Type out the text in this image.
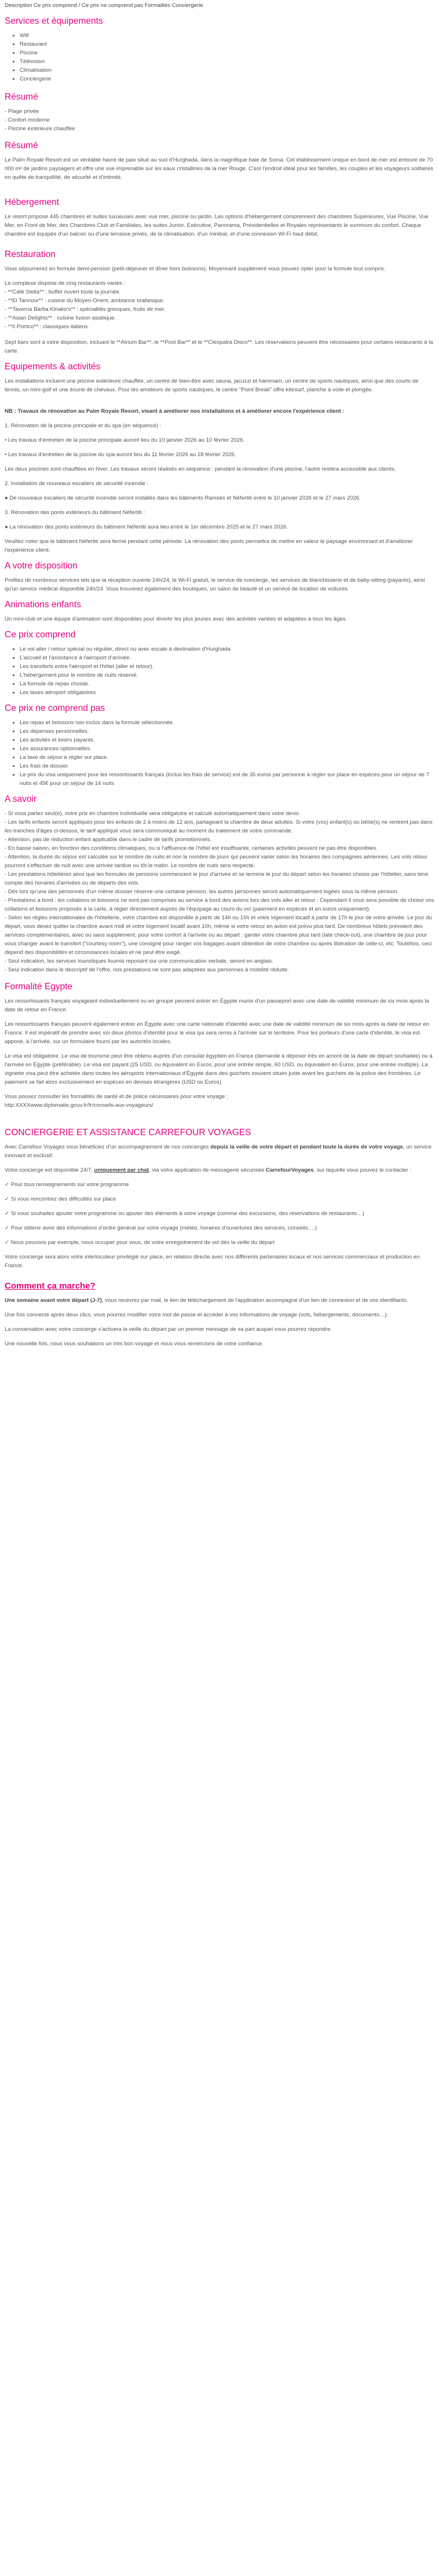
Description Ce prix comprend / Ce prix ne comprend pas Formalités Conciergerie
Services et équipements
• Wifi
• Restaurant
• Piscine
• Télévision
• Climatisation
• Conciergerie
Résumé
- Plage privée
- Confort moderne
- Piscine extérieure chauffée
Résumé

Le Palm Royale Resort est un véritable havre de paix situé au sud d'Hurghada, dans la magnifique baie de Soma. Cet établissement unique en bord de mer est entouré de 70 000 m² de jardins paysagers et offre une vue imprenable sur les eaux cristallines de la mer Rouge. C'est l'endroit idéal pour les familles, les couples et les voyageurs solitaires en quête de tranquillité, de sécurité et d'intimité.

Hébergement

Le resort propose 445 chambres et suites luxueuses avec vue mer, piscine ou jardin. Les options d'hébergement comprennent des chambres Supérieures, Vue Piscine, Vue Mer, en Front de Mer, des Chambres Club et Familiales, les suites Junior, Exécutive, Panorama, Présidentielles et Royales représentants le summum du confort. Chaque chambre est équipée d'un balcon ou d'une terrasse privés, de la climatisation, d'un minibar, et d'une connexion Wi-Fi haut débit.

Restauration

Vous séjournerez en formule demi-pension (petit-déjeuner et dîner hors boissons). Moyennant supplément vous pouvez opter pour la formule tout compris.

Le complexe dispose de cinq restaurants variés :
- **Café Stella** : buffet ouvert toute la journée.
- **El Tannour** : cuisine du Moyen-Orient, ambiance orabesque.
- **Taverna Barba Kiriako's** : spécialités grecques, fruits de mer.
- **Asian Delights** : cuisine fusion asiatique.
- **Il Portico** : classiques italiens.

Sept bars sont à votre disposition, incluant le **Atrium Bar**, le **Pool Bar** et le **Cleopatra Disco**. Les réservations peuvent être nécessaires pour certains restaurants à la carte.

Equipements & activités

Les installations incluent une piscine extérieure chauffée, un centre de bien-être avec sauna, jacuzzi et hammam, un centre de sports nautiques, ainsi que des courts de tennis, un mini-golf et une écurie de chevaux. Pour les amateurs de sports nautiques, le centre "Point Break" offre kitesurf, planche à voile et plongée.

NB : Travaux de rénovation au Palm Royale Resort, visant à améliorer nos installations et à améliorer encore l'expérience client :

1. Rénovation de la piscine principale et du spa (en séquence) :

• Les travaux d'entretien de la piscine principale auront lieu du 10 janvier 2026 au 10 février 2026.

• Les travaux d'entretien de la piscine du spa auront lieu du 11 février 2026 au 28 février 2026.

Les deux piscines sont chauffées en hiver. Les travaux seront réalisés en séquence : pendant la rénovation d'une piscine, l'autre restera accessible aux clients.

2. Installation de nouveaux escaliers de sécurité incendie :

● De nouveaux escaliers de sécurité incendie seront installés dans les bâtiments Ramsès et Néfertiti entre le 10 janvier 2026 et le 27 mars 2026.

3. Rénovation des ponts extérieurs du bâtiment Néfertiti :

● La rénovation des ponts extérieurs du bâtiment Néfertiti aura lieu entre le 1er décembre 2025 et le 27 mars 2026.

Veuillez noter que le bâtiment Néfertiti sera fermé pendant cette période. La rénovation des ponts permettra de mettre en valeur le paysage environnant et d'améliorer l'expérience client.

A votre disposition

Profitez de nombreux services tels que la réception ouverte 24h/24, le Wi-Fi gratuit, le service de concierge, les services de blanchisserie et de baby-sitting (payants), ainsi qu'un service médical disponible 24h/24. Vous trouverez également des boutiques, un salon de beauté et un service de location de voitures.

Animations enfants

Un mini-club et une équipe d'animation sont disponibles pour divertir les plus jeunes avec des activités variées et adaptées à tous les âges.

Ce prix comprend
• Le vol aller / retour spécial ou régulier, direct ou avec escale à destination d'Hurghada
• L'accueil et l'assistance à l'aéroport d'arrivée.
• Les transferts entre l'aéroport et l'hôtel (aller et retour).
• L'hébergement pour le nombre de nuits réservé.
• La formule de repas choisie.
• Les taxes aéroport obligatoires
Ce prix ne comprend pas
• Les repas et boissons non inclus dans la formule sélectionnée.
• Les dépenses personnelles.
• Les activités et loisirs payants.
• Les assurances optionnelles.
• La taxe de séjour à régler sur place.
• Les frais de dossier.
• Le prix du visa uniquement pour les ressortissants français (inclus les frais de service) est de 35 euros par personne à régler sur place en espèces pour un séjour de 7 nuits et 45€ pour un séjour de 14 nuits
A savoir
- Si vous partez seul(e), votre prix en chambre individuelle sera obligatoire et calculé automatiquement dans votre devis.
- Les tarifs enfants seront appliqués pour les enfants de 2 à moins de 12 ans, partageant la chambre de deux adultes. Si votre (vos) enfant(s) ou bébé(s) ne rentrent pas dans les tranches d'âges ci-dessus, le tarif appliqué vous sera communiqué au moment du traitement de votre commande.
- Attention, pas de réduction enfant applicable dans le cadre de tarifs promotionnels.
- En basse saison, en fonction des conditions climatiques, ou si l'affluence de l'hôtel est insuffisante, certaines activités peuvent ne pas être disponibles.
- Attention, la durée du séjour est calculée sur le nombre de nuits et non le nombre de jours qui peuvent varier selon les horaires des compagnies aériennes. Les vols retour pourront s'effectuer de nuit avec une arrivée tardive ou tôt le matin. Le nombre de nuits sera respecté.
- Les prestations hôtelières ainsi que les formules de pensions commencent le jour d'arrivée et se termine le jour du départ selon les horaires choisis par l'hôtelier, sans tenir compte des horaires d'arrivées ou de départs des vols.
- Dès lors qu'une des personnes d'un même dossier réserve une certaine pension, les autres personnes seront automatiquement logées sous la même pension.
- Prestations à bord : les collations et boissons ne sont pas comprises au service à bord des avions lors des vols aller et retour ; Cependant il vous sera possible de choisir vos collations et boissons proposés à la carte, à régler directement auprès de l'équipage au cours du vol (paiement en espèces et en euros uniquement).
- Selon les règles internationales de l'hôtellerie, votre chambre est disponible à partir de 14h ou 15h et votre logement locatif à partir de 17h le jour de votre arrivée. Le jour du départ, vous devez quitter la chambre avant midi et votre logement locatif avant 10h, même si votre retour en avion est prévu plus tard. De nombreux hôtels prévoient des services complémentaires, avec ou sans supplément, pour votre confort à l'arrivée ou au départ : garder votre chambre plus tard (late check-out), une chambre de jour pour vous changer avant le transfert ("courtesy room"), une consigne pour ranger vos bagages avant obtention de votre chambre ou après libération de celle-ci, etc. Toutefois, ceci dépend des disponibilités et circonstances locales et ne peut être exigé.
- Seul indication, les services touristiques fournis reposant sur une communication verbale, seront en anglais.
- Seul indication dans le descriptif de l'offre, nos prestations ne sont pas adaptées aux personnes à mobilité réduite.
Formalité Egypte

Les ressortissants français voyageant individuellement ou en groupe peuvent entrer en Égypte munis d'un passeport avec une date de validité minimum de six mois après la date de retour en France.

Les ressortissants français peuvent également entrer en Égypte avec une carte nationale d'identité avec une date de validité minimum de six mois après la date de retour en France. Il est impératif de prendre avec soi deux photos d'identité pour le visa qui sera remis à l'arrivée sur le territoire. Pour les porteurs d'une carte d'identité, le visa est apposé, à l'arrivée, sur un formulaire fourni par les autorités locales.

Le visa est obligatoire. Le visa de tourisme peut être obtenu auprès d'un consulat égyptien en France (demande à déposer très en amont de la date de départ souhaitée) ou à l'arrivée en Égypte (préférable). Le visa est payant (25 USD, ou équivalent en Euros, pour une entrée simple, 60 USD, ou équivalent en Euros, pour une entrée multiple). La vignette visa peut être achetée dans toutes les aéroports internationaux d'Égypte dans des guichets souvent situés juste avant les guichets de la police des frontières. Le paiement se fait alors exclusivement en espèces en devises étrangères (USD ou Euros).

Vous pouvez consulter les formalités de santé et de police nécessaires pour votre voyage :
http:XXXXwww.diplomatie.gouv.fr/fr/conseils-aux-voyageurs/

CONCIERGERIE ET ASSISTANCE CARREFOUR VOYAGES

Avec Carrefour Voyages vous bénéficiez d'un accompagnement de nos concierges depuis la veille de votre départ et pendant toute la durée de votre voyage, un service innovant et exclusif.

Votre concierge est disponible 24/7, uniquement par chat, via votre application de messagerie sécurisée CarrefourVoyages, sur laquelle vous pouvez le contacter :

✓ Pour tous renseignements sur votre programme

✓ Si vous rencontrez des difficultés sur place

✓ Si vous souhaitez ajouter votre programme ou ajouter des éléments à votre voyage (comme des excursions, des réservations de restaurants…)

✓ Pour obtenir avoir des informations d'ordre général sur votre voyage (météo, horaires d'ouvertures des services, conseils….)

✓ Nous pouvons par exemple, nous occuper pour vous, de votre enregistrement de vol dès la veille du départ

Votre concierge sera alors votre interlocuteur privilégié sur place, en relation directe avec nos différents partenaires locaux et nos services commerciaux et production en France.

Comment ça marche?

Une semaine avant votre départ (J-7), vous recevrez par mail, le lien de téléchargement de l'application accompagné d'un lien de connexion et de vos identifiants.

Une fois connecté après deux clics, vous pourrez modifier votre mot de passe et accéder à vos informations de voyage (vols, hébergements, documents…).

La conversation avec votre concierge s'activera la veille du départ par un premier message de sa part auquel vous pourrez répondre.

Une nouvelle fois, nous vous souhaitons un très bon voyage et nous vous remercions de votre confiance.
